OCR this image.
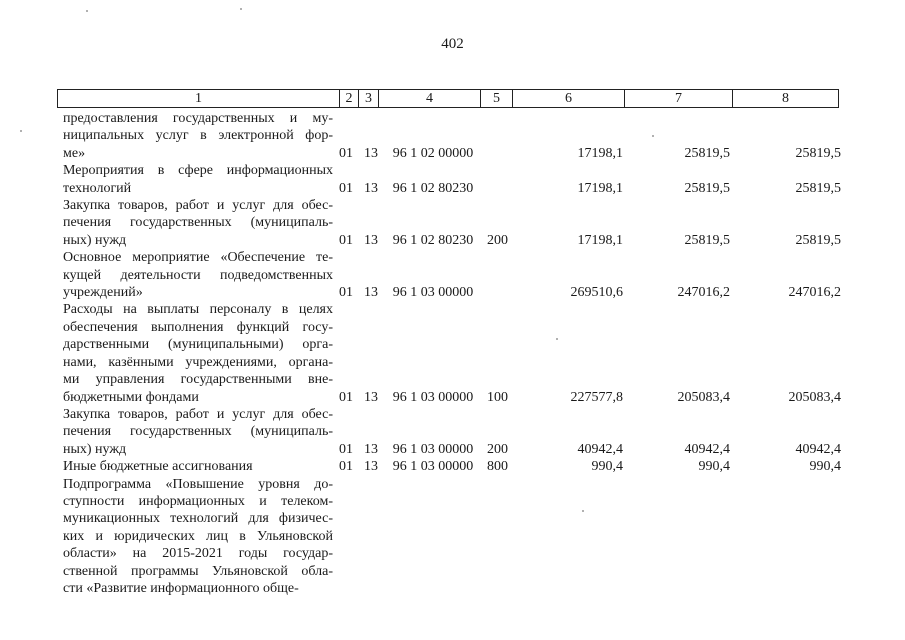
402
1	2	3	4	5	6	7	8
предоставления государственных и му-
ниципальных услуг в электронной фор-
ме»	01 13	96 1 02 00000	17198,1	25819,5	25819,5
Мероприятия в сфере информационных
технологий	01 13	96 1 02 80230	17198,1	25819,5	25819,5
Закупка товаров, работ и услуг для обес-
печения государственных (муниципаль-
ных) нужд	01 13	96 1 02 80230 200	17198,1	25819,5	25819,5
Основное мероприятие «Обеспечение те-
кущей деятельности подведомственных
учреждений»	01 13	96 1 03 00000	269510,6	247016,2	247016,2
Расходы на выплаты персоналу в целях
обеспечения выполнения функций госу-
дарственными (муниципальными) орга-
нами, казёнными учреждениями, органа-
ми управления государственными вне-
бюджетными фондами	01 13	96 1 03 00000 100	227577,8	205083,4	205083,4
Закупка товаров, работ и услуг для обес-
печения государственных (муниципаль-
ных) нужд	01 13	96 1 03 00000 200	40942,4	40942,4	40942,4
Иные бюджетные ассигнования	01 13	96 1 03 00000 800	990,4	990,4	990,4
Подпрограмма «Повышение уровня до-
ступности информационных и телеком-
муникационных технологий для физичес-
ких и юридических лиц в Ульяновской
области» на 2015-2021 годы государ-
ственной программы Ульяновской обла-
сти «Развитие информационного обще-
